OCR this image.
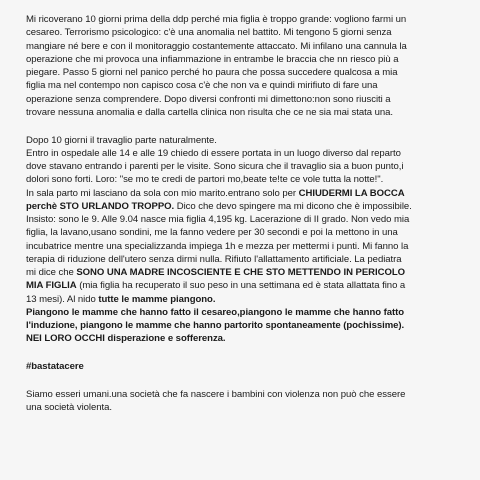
Mi ricoverano 10 giorni prima della ddp perché mia figlia è troppo grande: vogliono farmi un
cesareo. Terrorismo psicologico: c'è una anomalia nel battito. Mi tengono 5 giorni senza
mangiare né bere e con il monitoraggio costantemente attaccato. Mi infilano una cannula la
operazione che mi provoca una infiammazione in entrambe le braccia che nn riesco più a
piegare. Passo 5 giorni nel panico perché ho paura che possa succedere qualcosa a mia
figlia ma nel contempo non capisco cosa c'è che non va e quindi mirifiuto di fare una
operazione senza comprendere. Dopo diversi confronti mi dimettono:non sono riusciti a
trovare nessuna anomalia e dalla cartella clinica non risulta che ce ne sia mai stata una.
Dopo 10 giorni il travaglio parte naturalmente.
Entro in ospedale alle 14 e alle 19 chiedo di essere portata in un luogo diverso dal reparto
dove stavano entrando i parenti per le visite. Sono sicura che il travaglio sia a buon punto,i
dolori sono forti. Loro: "se mo te credi de partori mo,beate te!te ce vole tutta la notte!".
In sala parto mi lasciano da sola con mio marito.entrano solo per CHIUDERMI LA BOCCA
perchè STO URLANDO TROPPO. Dico che devo spingere ma mi dicono che è impossibile.
Insisto: sono le 9. Alle 9.04 nasce mia figlia 4,195 kg. Lacerazione di II grado. Non vedo mia
figlia, la lavano,usano sondini, me la fanno vedere per 30 secondi e poi la mettono in una
incubatrice mentre una specializzanda impiega 1h e mezza per mettermi i punti. Mi fanno la
terapia di riduzione dell'utero senza dirmi nulla. Rifiuto l'allattamento artificiale. La pediatra
mi dice che SONO UNA MADRE INCOSCIENTE E CHE STO METTENDO IN PERICOLO
MIA FIGLIA (mia figlia ha recuperato il suo peso in una settimana ed è stata allattata fino a
13 mesi). Al nido tutte le mamme piangono.
Piangono le mamme che hanno fatto il cesareo,piangono le mamme che hanno fatto
l'induzione, piangono le mamme che hanno partorito spontaneamente (pochissime).
NEI LORO OCCHI disperazione e sofferenza.
#bastatacere
Siamo esseri umani.una società che fa nascere i bambini con violenza non può che essere
una società violenta.
